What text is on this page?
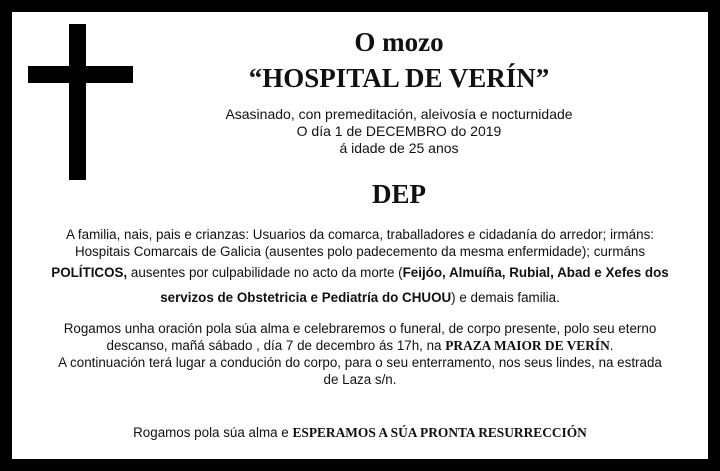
O mozo
“HOSPITAL DE VERÍN”
Asasinado, con premeditación, aleivosía e nocturnidade
O día 1 de DECEMBRO do 2019
á idade de 25 anos
DEP
A familia, nais, pais e crianzas: Usuarios da comarca, traballadores e cidadanía do arredor; irmáns:
Hospitais Comarcais de Galicia (ausentes polo padecemento da mesma enfermidade); curmáns
POLÍTICOS, ausentes por culpabilidade no acto da morte (Feijóo, Almuíña, Rubial, Abad e Xefes dos servizos de Obstetricia e Pediatría do CHUOU) e demais familia.
Rogamos unha oración pola súa alma e celebraremos o funeral, de corpo presente, polo seu eterno
descanso, mañá sábado , día 7 de decembro ás 17h, na PRAZA MAIOR DE VERÍN.
A continuación terá lugar a condución do corpo, para o seu enterramento, nos seus lindes, na estrada
de Laza s/n.
Rogamos pola súa alma e ESPERAMOS A SÚA PRONTA RESURRECCIÓN
